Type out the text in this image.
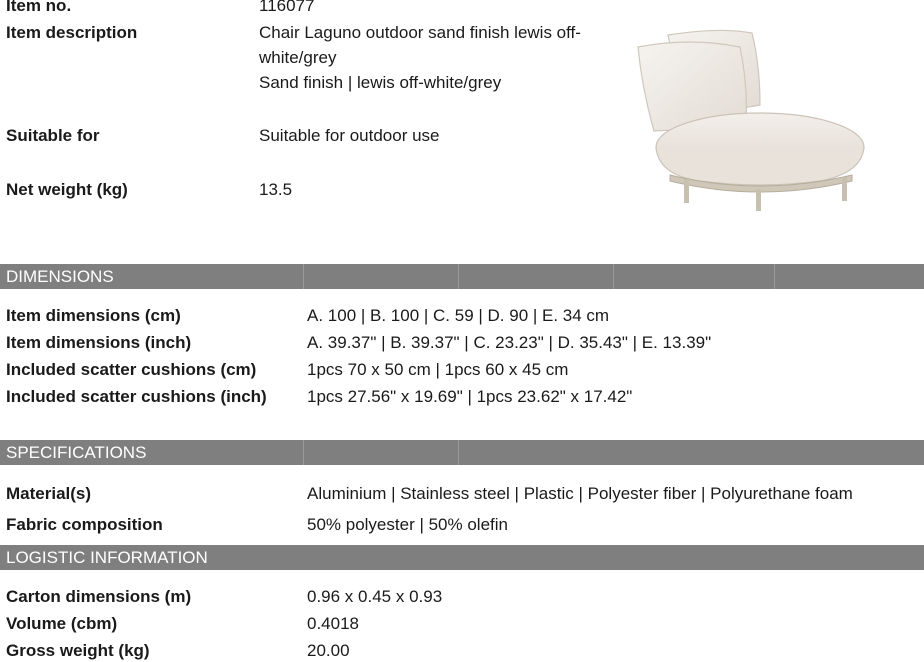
Item no.	116077
Item description	Chair Laguno outdoor sand finish lewis off-
white/grey
Sand finish | lewis off-white/grey
Suitable for	Suitable for outdoor use
Net weight (kg)	13.5
DIMENSIONS
Item dimensions (cm)	A. 100 | B. 100 | C. 59 | D. 90 | E. 34 cm
Item dimensions (inch)	A. 39.37" | B. 39.37" | C. 23.23" | D. 35.43" | E. 13.39"
Included scatter cushions (cm)	1pcs 70 x 50 cm | 1pcs 60 x 45 cm
Included scatter cushions (inch) 1pcs 27.56" x 19.69" | 1pcs 23.62" x 17.42"
SPECIFICATIONS
Material(s)	Aluminium | Stainless steel | Plastic | Polyester fiber | Polyurethane foam
Fabric composition	50% polyester | 50% olefin
LOGISTIC INFORMATION
Carton dimensions (m)	0.96 x 0.45 x 0.93
Volume (cbm)	0.4018
Gross weight (kg)	20.00
